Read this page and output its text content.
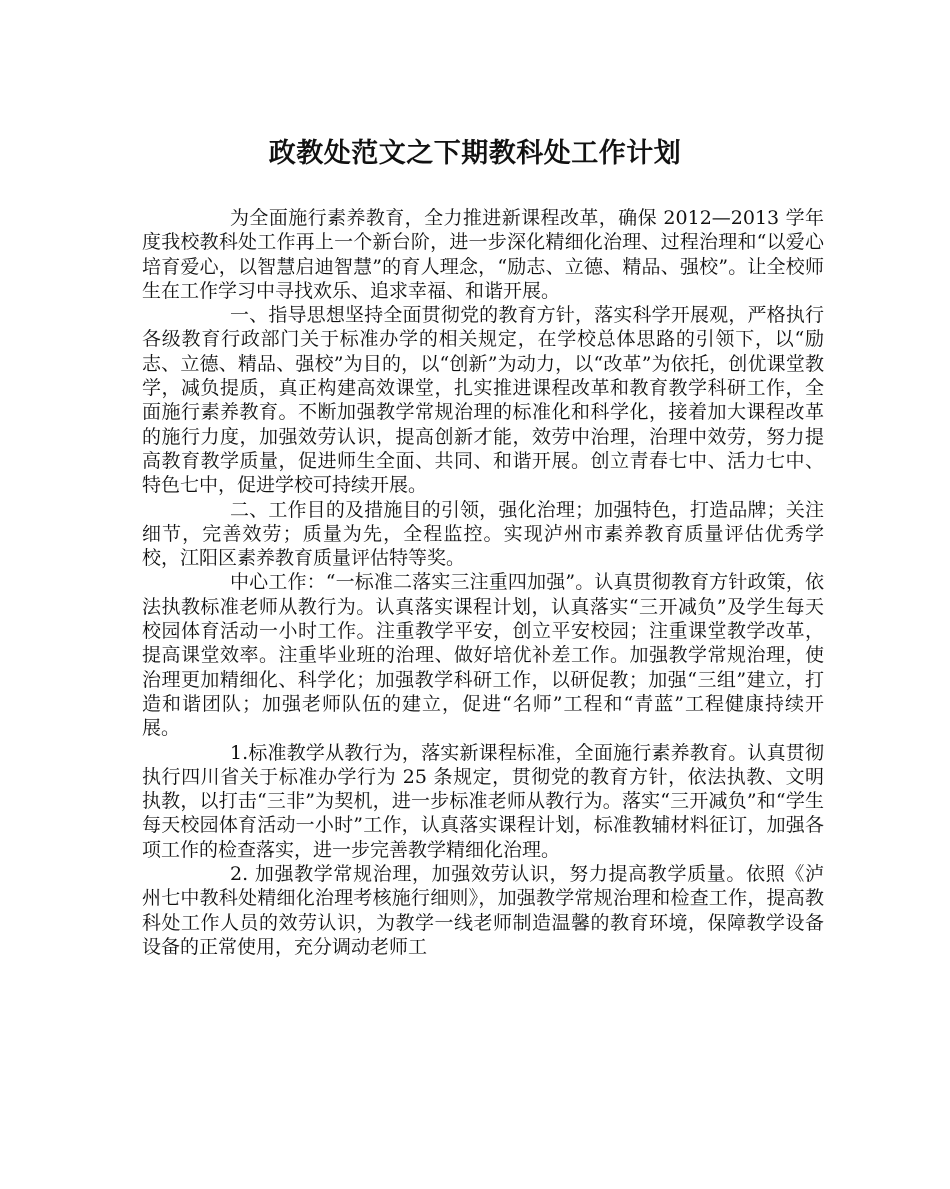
政教处范文之下期教科处工作计划

为全面施行素养教育，全力推进新课程改革，确保 2012—2013 学年度我校教科处工作再上一个新台阶，进一步深化精细化治理、过程治理和“以爱心培育爱心，以智慧启迪智慧”的育人理念，“励志、立德、精品、强校”。让全校师生在工作学习中寻找欢乐、追求幸福、和谐开展。

一、指导思想坚持全面贯彻党的教育方针，落实科学开展观，严格执行各级教育行政部门关于标准办学的相关规定，在学校总体思路的引领下，以“励志、立德、精品、强校”为目的，以“创新”为动力，以“改革”为依托，创优课堂教学，减负提质，真正构建高效课堂，扎实推进课程改革和教育教学科研工作，全面施行素养教育。不断加强教学常规治理的标准化和科学化，接着加大课程改革的施行力度，加强效劳认识，提高创新才能，效劳中治理，治理中效劳，努力提高教育教学质量，促进师生全面、共同、和谐开展。创立青春七中、活力七中、特色七中，促进学校可持续开展。

二、工作目的及措施目的引领，强化治理；加强特色，打造品牌；关注细节，完善效劳；质量为先，全程监控。实现泸州市素养教育质量评估优秀学校，江阳区素养教育质量评估特等奖。

中心工作：“一标准二落实三注重四加强”。认真贯彻教育方针政策，依法执教标准老师从教行为。认真落实课程计划，认真落实“三开减负”及学生每天校园体育活动一小时工作。注重教学平安，创立平安校园；注重课堂教学改革，提高课堂效率。注重毕业班的治理、做好培优补差工作。加强教学常规治理，使治理更加精细化、科学化；加强教学科研工作，以研促教；加强“三组”建立，打造和谐团队；加强老师队伍的建立，促进“名师”工程和“青蓝”工程健康持续开展。

1.标准教学从教行为，落实新课程标准，全面施行素养教育。认真贯彻执行四川省关于标准办学行为 25 条规定，贯彻党的教育方针，依法执教、文明执教，以打击“三非”为契机，进一步标准老师从教行为。落实“三开减负”和“学生每天校园体育活动一小时”工作，认真落实课程计划，标准教辅材料征订，加强各项工作的检查落实，进一步完善教学精细化治理。

2. 加强教学常规治理，加强效劳认识，努力提高教学质量。依照《泸州七中教科处精细化治理考核施行细则》，加强教学常规治理和检查工作，提高教科处工作人员的效劳认识，为教学一线老师制造温馨的教育环境，保障教学设备设备的正常使用，充分调动老师工
